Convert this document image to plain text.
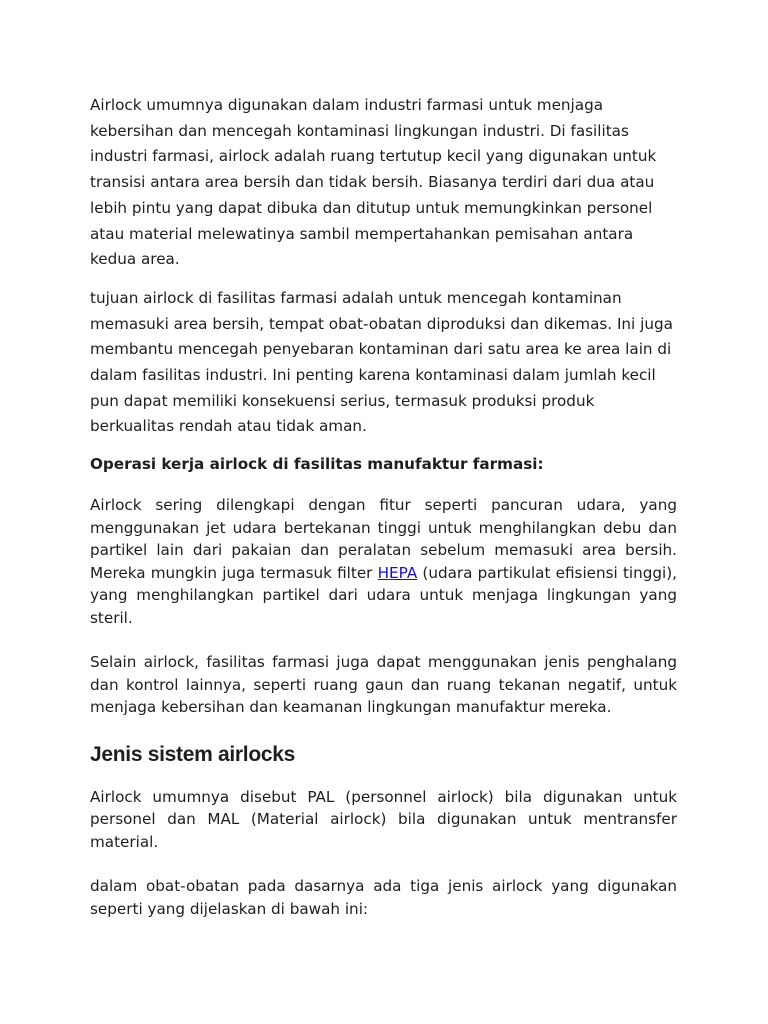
Airlock umumnya digunakan dalam industri farmasi untuk menjaga kebersihan dan mencegah kontaminasi lingkungan industri. Di fasilitas industri farmasi, airlock adalah ruang tertutup kecil yang digunakan untuk transisi antara area bersih dan tidak bersih. Biasanya terdiri dari dua atau lebih pintu yang dapat dibuka dan ditutup untuk memungkinkan personel atau material melewatinya sambil mempertahankan pemisahan antara kedua area.

tujuan airlock di fasilitas farmasi adalah untuk mencegah kontaminan memasuki area bersih, tempat obat-obatan diproduksi dan dikemas. Ini juga membantu mencegah penyebaran kontaminan dari satu area ke area lain di dalam fasilitas industri. Ini penting karena kontaminasi dalam jumlah kecil pun dapat memiliki konsekuensi serius, termasuk produksi produk berkualitas rendah atau tidak aman.

Operasi kerja airlock di fasilitas manufaktur farmasi:

Airlock sering dilengkapi dengan fitur seperti pancuran udara, yang menggunakan jet udara bertekanan tinggi untuk menghilangkan debu dan partikel lain dari pakaian dan peralatan sebelum memasuki area bersih. Mereka mungkin juga termasuk filter HEPA (udara partikulat efisiensi tinggi), yang menghilangkan partikel dari udara untuk menjaga lingkungan yang steril.

Selain airlock, fasilitas farmasi juga dapat menggunakan jenis penghalang dan kontrol lainnya, seperti ruang gaun dan ruang tekanan negatif, untuk menjaga kebersihan dan keamanan lingkungan manufaktur mereka.

Jenis sistem airlocks

Airlock umumnya disebut PAL (personnel airlock) bila digunakan untuk personel dan MAL (Material airlock) bila digunakan untuk mentransfer material.

dalam obat-obatan pada dasarnya ada tiga jenis airlock yang digunakan seperti yang dijelaskan di bawah ini:
